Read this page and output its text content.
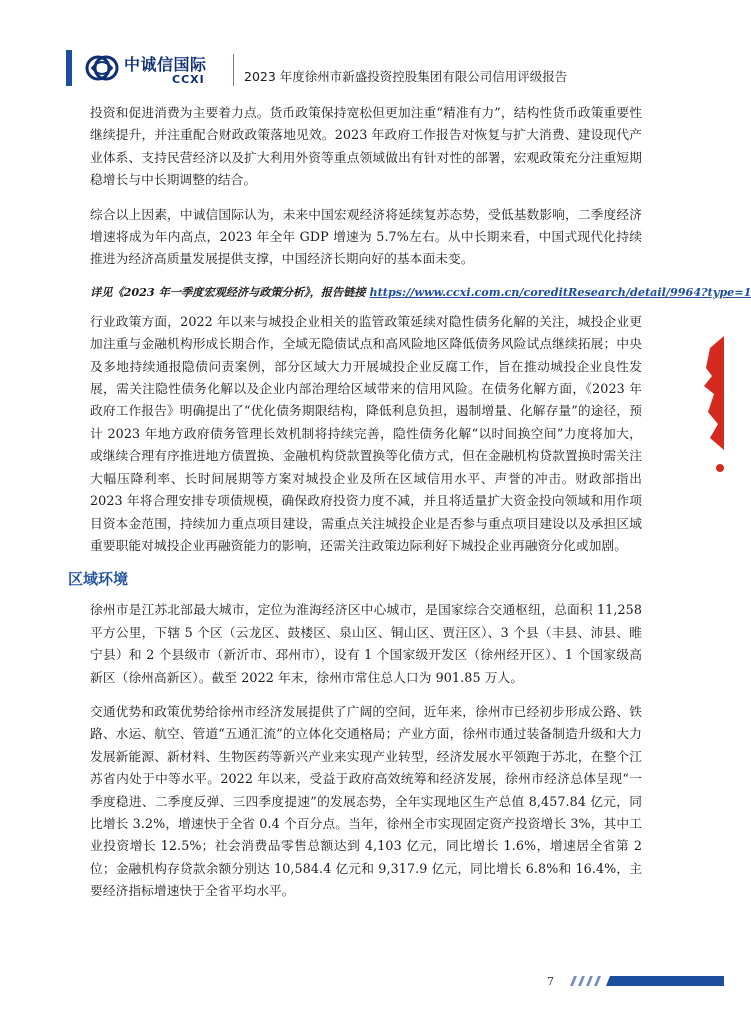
中诚信国际
CCXI	2023 年度徐州市新盛投资控股集团有限公司信用评级报告

投资和促进消费为主要着力点。货币政策保持宽松但更加注重“精准有力”，结构性货币政策重要性继续提升，并注重配合财政政策落地见效。2023 年政府工作报告对恢复与扩大消费、建设现代产业体系、支持民营经济以及扩大利用外资等重点领域做出有针对性的部署，宏观政策充分注重短期稳增长与中长期调整的结合。

综合以上因素，中诚信国际认为，未来中国宏观经济将延续复苏态势，受低基数影响，二季度经济增速将成为年内高点，2023 年全年 GDP 增速为 5.7%左右。从中长期来看，中国式现代化持续推进为经济高质量发展提供支撑，中国经济长期向好的基本面未变。

详见《2023 年一季度宏观经济与政策分析》，报告链接 https://www.ccxi.com.cn/coreditResearch/detail/9964?type=1

行业政策方面，2022 年以来与城投企业相关的监管政策延续对隐性债务化解的关注，城投企业更加注重与金融机构形成长期合作，全域无隐债试点和高风险地区降低债务风险试点继续拓展；中央及多地持续通报隐债问责案例，部分区域大力开展城投企业反腐工作，旨在推动城投企业良性发展，需关注隐性债务化解以及企业内部治理给区域带来的信用风险。在债务化解方面，《2023 年政府工作报告》明确提出了“优化债务期限结构，降低利息负担，遏制增量、化解存量”的途径，预计 2023 年地方政府债务管理长效机制将持续完善，隐性债务化解“以时间换空间”力度将加大，或继续合理有序推进地方债置换、金融机构贷款置换等化债方式，但在金融机构贷款置换时需关注大幅压降利率、长时间展期等方案对城投企业及所在区域信用水平、声誉的冲击。财政部指出 2023 年将合理安排专项债规模，确保政府投资力度不减，并且将适量扩大资金投向领域和用作项目资本金范围，持续加力重点项目建设，需重点关注城投企业是否参与重点项目建设以及承担区域重要职能对城投企业再融资能力的影响，还需关注政策边际利好下城投企业再融资分化或加剧。

区域环境

徐州市是江苏北部最大城市，定位为淮海经济区中心城市，是国家综合交通枢纽，总面积 11,258 平方公里，下辖 5 个区（云龙区、鼓楼区、泉山区、铜山区、贾汪区）、3 个县（丰县、沛县、睢宁县）和 2 个县级市（新沂市、邳州市），设有 1 个国家级开发区（徐州经开区）、1 个国家级高新区（徐州高新区）。截至 2022 年末，徐州市常住总人口为 901.85 万人。

交通优势和政策优势给徐州市经济发展提供了广阔的空间，近年来，徐州市已经初步形成公路、铁路、水运、航空、管道“五通汇流”的立体化交通格局；产业方面，徐州市通过装备制造升级和大力发展新能源、新材料、生物医药等新兴产业来实现产业转型，经济发展水平领跑于苏北，在整个江苏省内处于中等水平。2022 年以来，受益于政府高效统筹和经济发展，徐州市经济总体呈现“一季度稳进、二季度反弹、三四季度提速”的发展态势，全年实现地区生产总值 8,457.84 亿元，同比增长 3.2%，增速快于全省 0.4 个百分点。当年，徐州全市实现固定资产投资增长 3%，其中工业投资增长 12.5%；社会消费品零售总额达到 4,103 亿元，同比增长 1.6%，增速居全省第 2 位；金融机构存贷款余额分别达 10,584.4 亿元和 9,317.9 亿元，同比增长 6.8%和 16.4%，主要经济指标增速快于全省平均水平。

7
